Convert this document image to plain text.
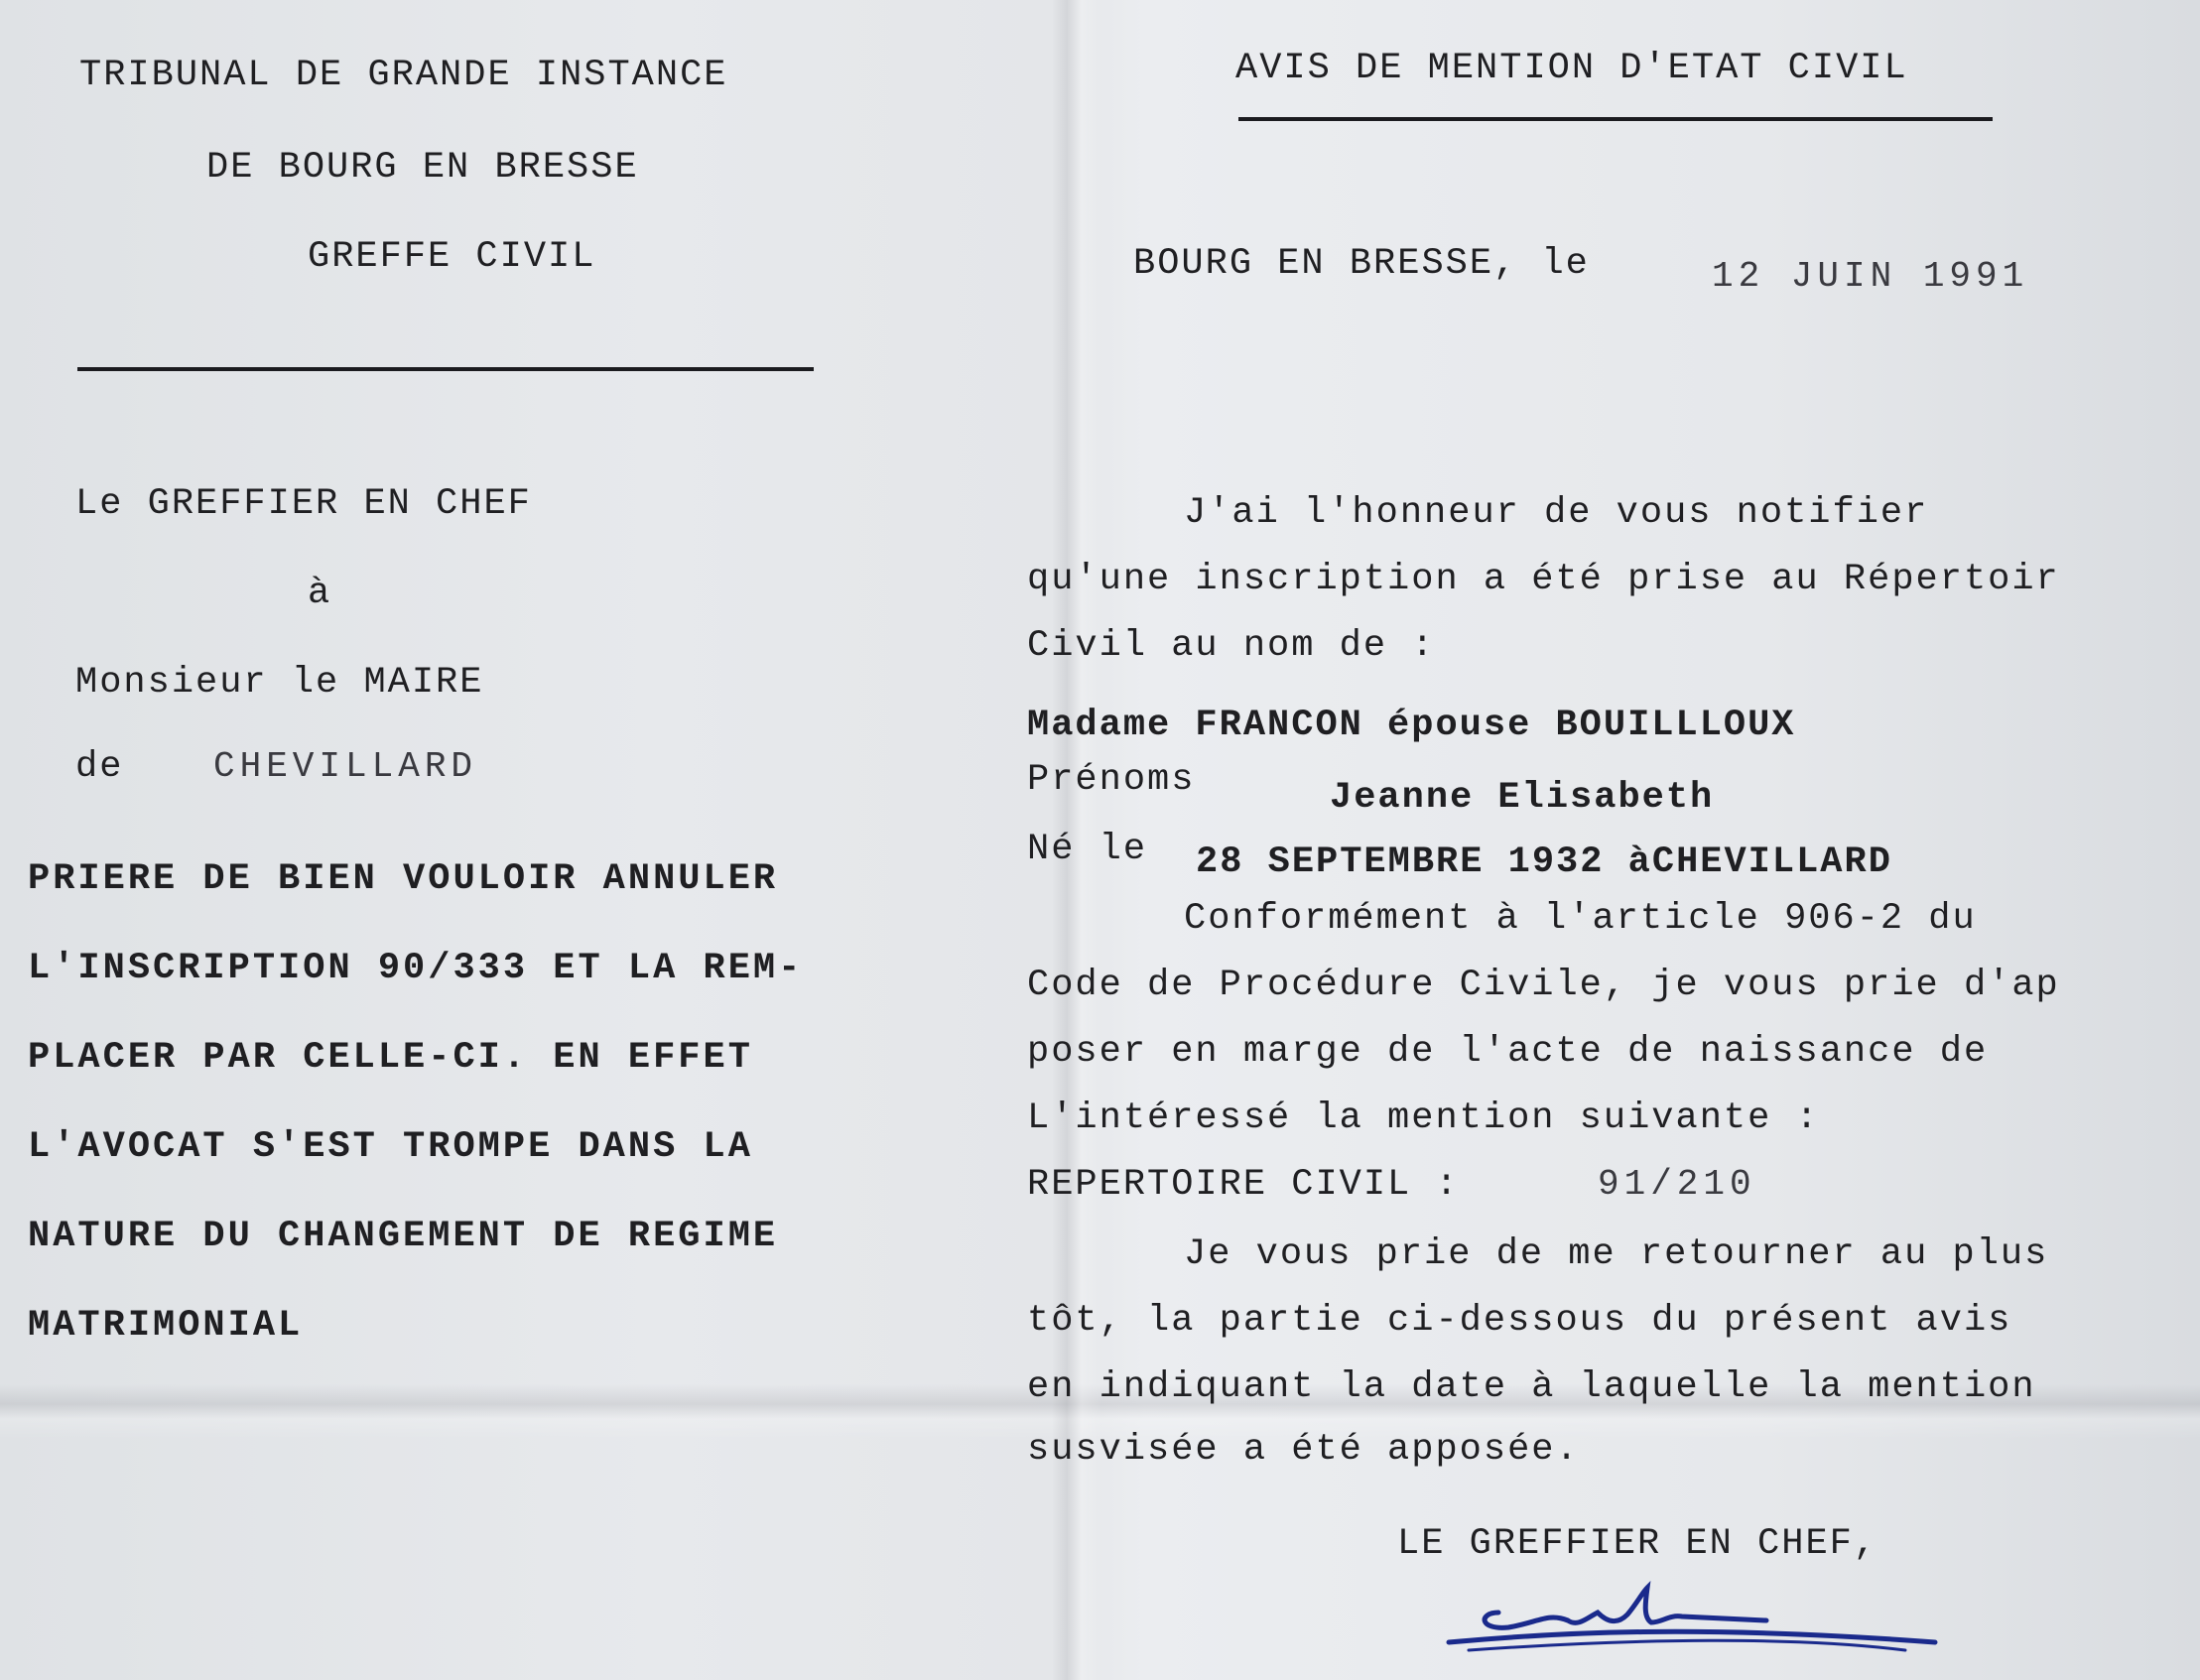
TRIBUNAL DE GRANDE INSTANCE
DE BOURG EN BRESSE
GREFFE CIVIL
Le GREFFIER EN CHEF
à
Monsieur le MAIRE
de	CHEVILLARD
PRIERE DE BIEN VOULOIR ANNULER
L'INSCRIPTION 90/333 ET LA REM-
PLACER PAR CELLE-CI. EN EFFET
L'AVOCAT S'EST TROMPE DANS LA
NATURE DU CHANGEMENT DE REGIME
MATRIMONIAL
AVIS DE MENTION D'ETAT CIVIL
BOURG EN BRESSE, le	12 JUIN 1991
J'ai l'honneur de vous notifier
qu'une inscription a été prise au Répertoir
Civil au nom de :
Madame FRANCON épouse BOUILLLOUX
Prénoms	Jeanne Elisabeth
Né le 28 SEPTEMBRE 1932 àCHEVILLARD
Conformément à l'article 906-2 du
Code de Procédure Civile, je vous prie d'ap
poser en marge de l'acte de naissance de
L'intéressé la mention suivante :
REPERTOIRE CIVIL :	91/210
Je vous prie de me retourner au plus
tôt, la partie ci-dessous du présent avis
en indiquant la date à laquelle la mention
susvisée a été apposée.
LE GREFFIER EN CHEF,
